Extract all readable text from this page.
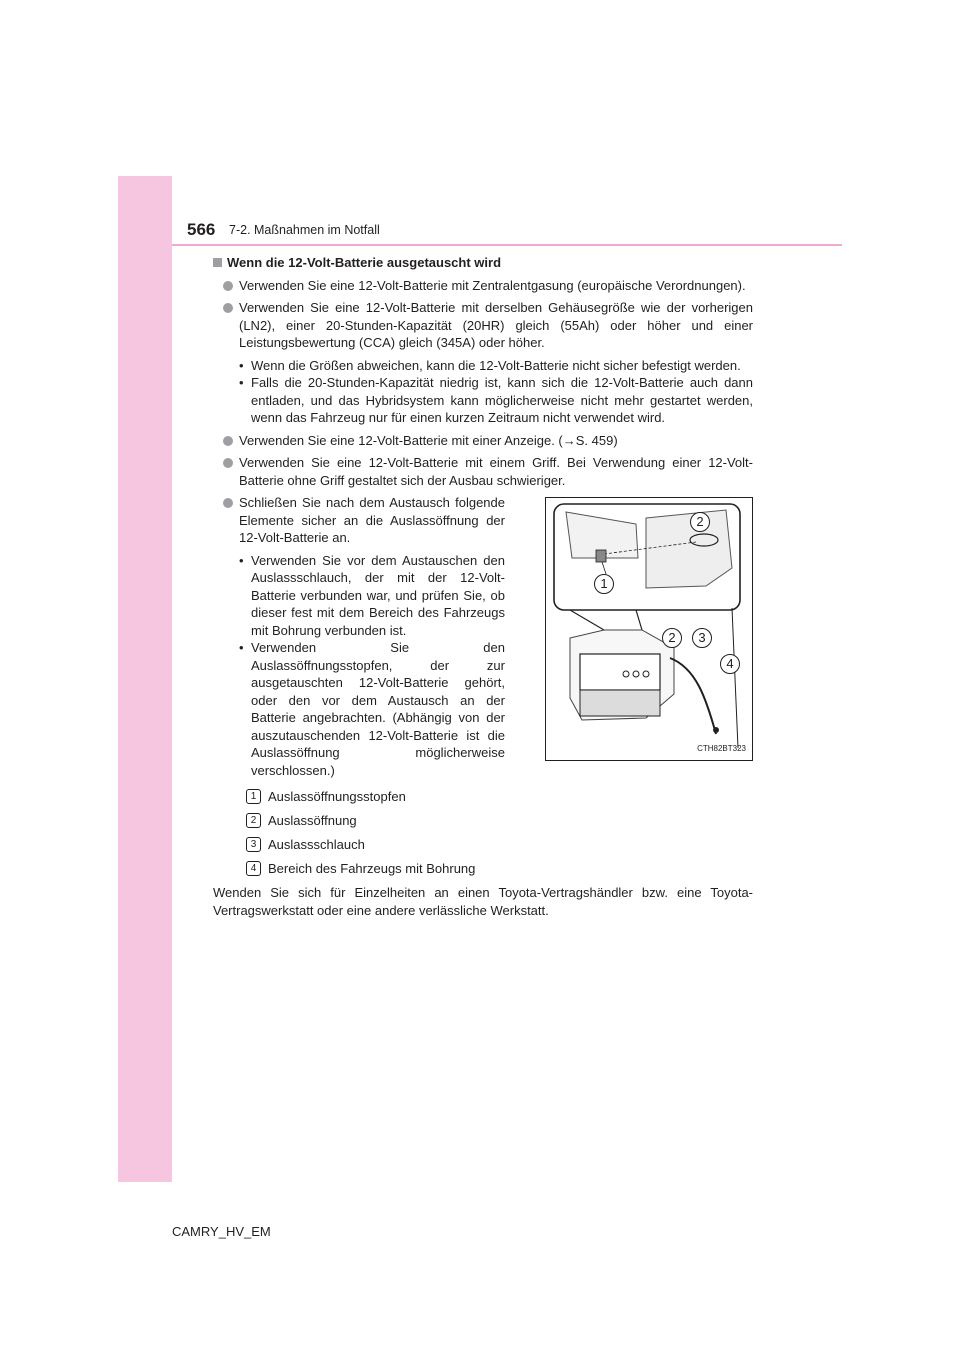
566 7-2. Maßnahmen im Notfall
Wenn die 12-Volt-Batterie ausgetauscht wird
Verwenden Sie eine 12-Volt-Batterie mit Zentralentgasung (europäische Verordnungen).
Verwenden Sie eine 12-Volt-Batterie mit derselben Gehäusegröße wie der vorherigen (LN2), einer 20-Stunden-Kapazität (20HR) gleich (55Ah) oder höher und einer Leistungsbewertung (CCA) gleich (345A) oder höher.
• Wenn die Größen abweichen, kann die 12-Volt-Batterie nicht sicher befestigt werden.
• Falls die 20-Stunden-Kapazität niedrig ist, kann sich die 12-Volt-Batterie auch dann entladen, und das Hybridsystem kann möglicherweise nicht mehr gestartet werden, wenn das Fahrzeug nur für einen kurzen Zeitraum nicht verwendet wird.
Verwenden Sie eine 12-Volt-Batterie mit einer Anzeige. (→S. 459)
Verwenden Sie eine 12-Volt-Batterie mit einem Griff. Bei Verwendung einer 12-Volt-Batterie ohne Griff gestaltet sich der Ausbau schwieriger.
Schließen Sie nach dem Austausch folgende Elemente sicher an die Auslassöffnung der 12-Volt-Batterie an.
• Verwenden Sie vor dem Austauschen den Auslassschlauch, der mit der 12-Volt-Batterie verbunden war, und prüfen Sie, ob dieser fest mit dem Bereich des Fahrzeugs mit Bohrung verbunden ist.
• Verwenden Sie den Auslassöffnungsstopfen, der zur ausgetauschten 12-Volt-Batterie gehört, oder den vor dem Austausch an der Batterie angebrachten. (Abhängig von der auszutauschenden 12-Volt-Batterie ist die Auslassöffnung möglicherweise verschlossen.)
CTH82BT323
2
1
2	3
4
1 Auslassöffnungsstopfen
2 Auslassöffnung
3 Auslassschlauch
4 Bereich des Fahrzeugs mit Bohrung
Wenden Sie sich für Einzelheiten an einen Toyota-Vertragshändler bzw. eine Toyota-Vertragswerkstatt oder eine andere verlässliche Werkstatt.
CAMRY_HV_EM
